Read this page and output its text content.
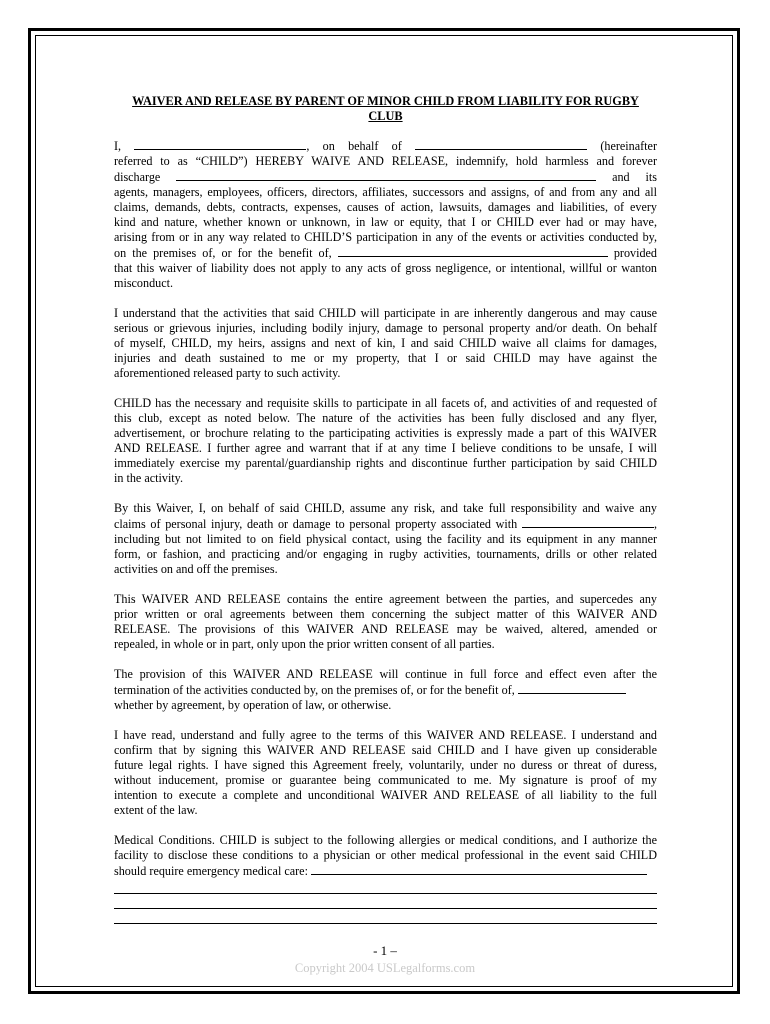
WAIVER AND RELEASE BY PARENT OF MINOR CHILD FROM LIABILITY FOR RUGBY
CLUB
I,	, on behalf of	(hereinafter
referred to as “CHILD”) HEREBY WAIVE AND RELEASE, indemnify, hold harmless and forever
discharge	and its
agents, managers, employees, officers, directors, affiliates, successors and assigns, of and from any and all
claims, demands, debts, contracts, expenses, causes of action, lawsuits, damages and liabilities, of every
kind and nature, whether known or unknown, in law or equity, that I or CHILD ever had or may have,
arising from or in any way related to CHILD’S participation in any of the events or activities conducted by,
on the premises of, or for the benefit of,	provided
that this waiver of liability does not apply to any acts of gross negligence, or intentional, willful or wanton
misconduct.
I understand that the activities that said CHILD will participate in are inherently dangerous and may cause
serious or grievous injuries, including bodily injury, damage to personal property and/or death. On behalf
of myself, CHILD, my heirs, assigns and next of kin, I and said CHILD waive all claims for damages,
injuries and death sustained to me or my property, that I or said CHILD may have against the
aforementioned released party to such activity.
CHILD has the necessary and requisite skills to participate in all facets of, and activities of and requested of
this club, except as noted below. The nature of the activities has been fully disclosed and any flyer,
advertisement, or brochure relating to the participating activities is expressly made a part of this WAIVER
AND RELEASE. I further agree and warrant that if at any time I believe conditions to be unsafe, I will
immediately exercise my parental/guardianship rights and discontinue further participation by said CHILD
in the activity.
By this Waiver, I, on behalf of said CHILD, assume any risk, and take full responsibility and waive any
claims of personal injury, death or damage to personal property associated with	,
including but not limited to on field physical contact, using the facility and its equipment in any manner
form, or fashion, and practicing and/or engaging in rugby activities, tournaments, drills or other related
activities on and off the premises.
This WAIVER AND RELEASE contains the entire agreement between the parties, and supercedes any
prior written or oral agreements between them concerning the subject matter of this WAIVER AND
RELEASE. The provisions of this WAIVER AND RELEASE may be waived, altered, amended or
repealed, in whole or in part, only upon the prior written consent of all parties.
The provision of this WAIVER AND RELEASE will continue in full force and effect even after the
termination of the activities conducted by, on the premises of, or for the benefit of,
whether by agreement, by operation of law, or otherwise.
I have read, understand and fully agree to the terms of this WAIVER AND RELEASE. I understand and
confirm that by signing this WAIVER AND RELEASE said CHILD and I have given up considerable
future legal rights. I have signed this Agreement freely, voluntarily, under no duress or threat of duress,
without inducement, promise or guarantee being communicated to me. My signature is proof of my
intention to execute a complete and unconditional WAIVER AND RELEASE of all liability to the full
extent of the law.
Medical Conditions. CHILD is subject to the following allergies or medical conditions, and I authorize the
facility to disclose these conditions to a physician or other medical professional in the event said CHILD
should require emergency medical care:
- 1 –
Copyright 2004 USLegalforms.com
